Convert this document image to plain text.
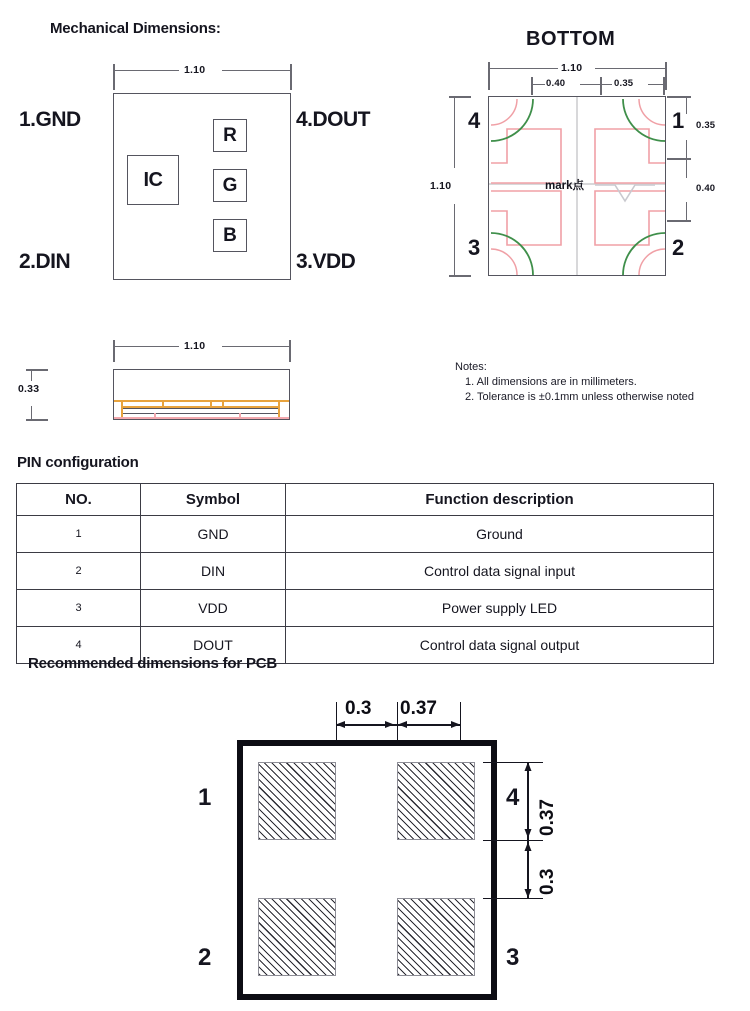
Mechanical Dimensions:
1.10
IC
R
G
B
1.GND	4.DOUT
2.DIN	3.VDD
BOTTOM
1.10
0.40	0.35
1.10
0.35
0.40
4	1
3	2
mark点
1.10
0.33
Notes:
1. All dimensions are in millimeters.
2. Tolerance is ±0.1mm unless otherwise noted
PIN configuration
NO.	Symbol	Function description
1	GND	Ground
2	DIN	Control data signal input
3	VDD	Power supply LED
4	DOUT	Control data signal output
Recommended dimensions for PCB
0.3 0.37
0.37
0.3
1	4
2	3
